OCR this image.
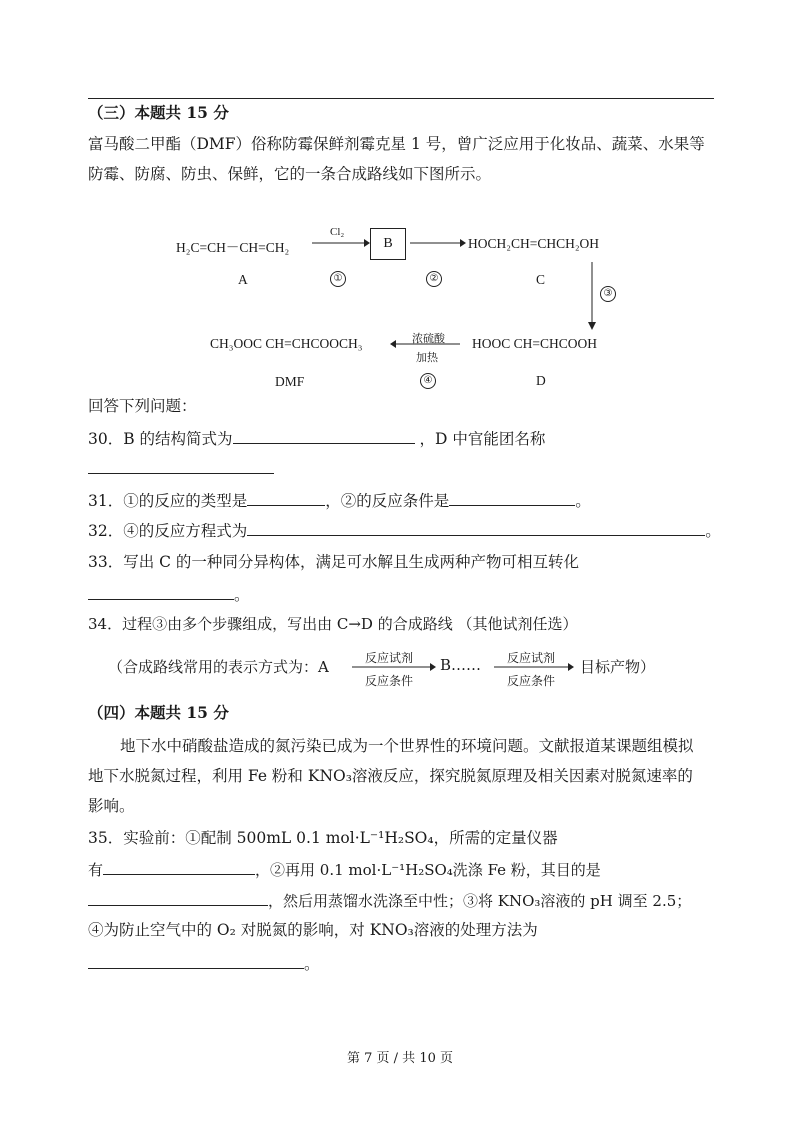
（三）本题共 15 分
富马酸二甲酯（DMF）俗称防霉保鲜剂霉克星 1 号，曾广泛应用于化妆品、蔬菜、水果等
防霉、防腐、防虫、保鲜，它的一条合成路线如下图所示。
H₂C=CH－CH=CH₂
A
Cl₂
①
B
②
HOCH₂CH=CHCH₂OH
C
③
HOOC CH=CHCOOH
D
浓硫酸
加热
④
CH₃OOC CH=CHCOOCH₃
DMF
回答下列问题：
30．B 的结构简式为	，D 中官能团名称
31．①的反应的类型是	，②的反应条件是	。
32．④的反应方程式为	。
33．写出 C 的一种同分异构体，满足可水解且生成两种产物可相互转化
。
34．过程③由多个步骤组成，写出由 C→D 的合成路线 （其他试剂任选）
（合成路线常用的表示方式为：A	反应试剂
反应条件
B……	反应试剂
反应条件
目标产物）
（四）本题共 15 分
地下水中硝酸盐造成的氮污染已成为一个世界性的环境问题。文献报道某课题组模拟
地下水脱氮过程，利用 Fe 粉和 KNO₃溶液反应，探究脱氮原理及相关因素对脱氮速率的
影响。
35．实验前：①配制 500mL 0.1 mol·L⁻¹H₂SO₄，所需的定量仪器
有	，②再用 0.1 mol·L⁻¹H₂SO₄洗涤 Fe 粉，其目的是
，然后用蒸馏水洗涤至中性；③将 KNO₃溶液的 pH 调至 2.5；
④为防止空气中的 O₂ 对脱氮的影响，对 KNO₃溶液的处理方法为
。
第 7 页 / 共 10 页
